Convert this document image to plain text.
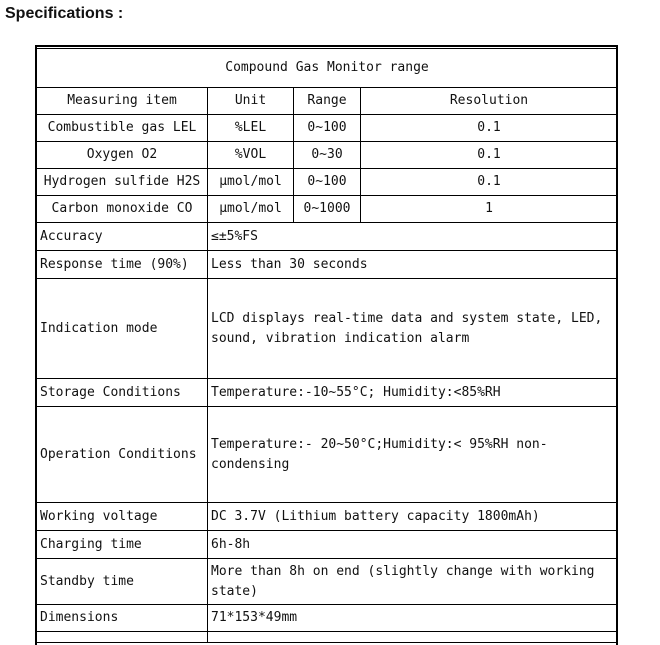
Specifications :
Compound Gas Monitor range			
Measuring item	Unit	Range	Resolution
Combustible gas LEL	%LEL	0~100	0.1
Oxygen O2	%VOL	0~30	0.1
Hydrogen sulfide H2S	μmol/mol	0~100	0.1
Carbon monoxide CO	μmol/mol	0~1000	1
Accuracy	≤±5%FS		
Response time (90%)	Less than 30 seconds		
Indication mode	LCD displays real-time data and system state, LED, sound, vibration indication alarm		
Storage Conditions	Temperature:-10~55°C; Humidity:<85%RH		
Operation Conditions	Temperature:- 20~50°C;Humidity:< 95%RH non-condensing		
Working voltage	DC 3.7V (Lithium battery capacity 1800mAh)		
Charging time	6h-8h		
Standby time	More than 8h on end (slightly change with working state)		
Dimensions	71*153*49mm		
